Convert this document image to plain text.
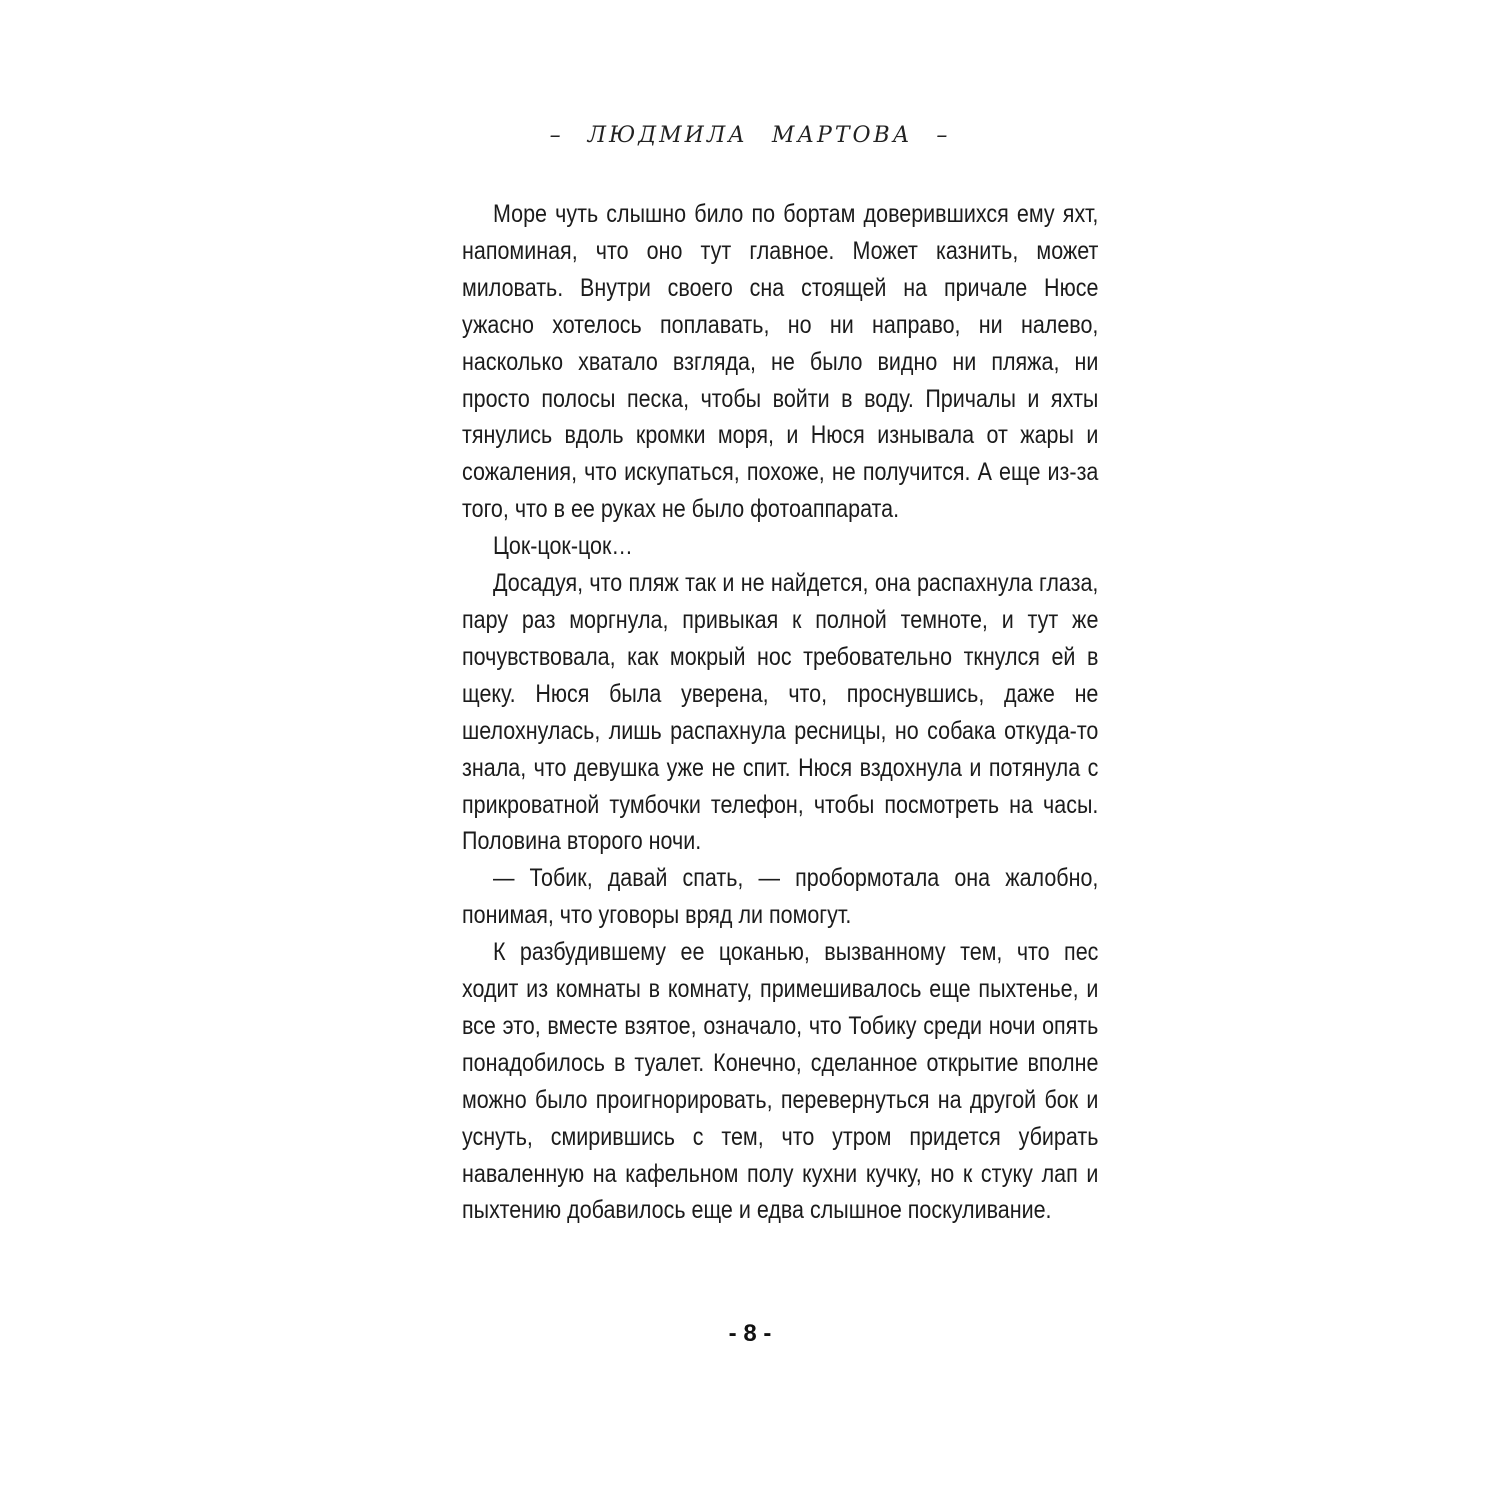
– ЛЮДМИЛА МАРТОВА –

Море чуть слышно било по бортам доверившихся ему яхт, напоминая, что оно тут главное. Может казнить, может миловать. Внутри своего сна стоящей на причале Нюсе ужасно хотелось поплавать, но ни направо, ни налево, насколько хватало взгляда, не было видно ни пляжа, ни просто полосы песка, чтобы войти в воду. Причалы и яхты тянулись вдоль кромки моря, и Нюся изнывала от жары и сожаления, что искупаться, похоже, не получится. А еще из-за того, что в ее руках не было фотоаппарата.

Цок-цок-цок…

Досадуя, что пляж так и не найдется, она распахнула глаза, пару раз моргнула, привыкая к полной темноте, и тут же почувствовала, как мокрый нос требовательно ткнулся ей в щеку. Нюся была уверена, что, проснувшись, даже не шелохнулась, лишь распахнула ресницы, но собака откуда-то знала, что девушка уже не спит. Нюся вздохнула и потянула с прикроватной тумбочки телефон, чтобы посмотреть на часы. Половина второго ночи.

— Тобик, давай спать, — пробормотала она жалобно, понимая, что уговоры вряд ли помогут.

К разбудившему ее цоканью, вызванному тем, что пес ходит из комнаты в комнату, примешивалось еще пыхтенье, и все это, вместе взятое, означало, что Тобику среди ночи опять понадобилось в туалет. Конечно, сделанное открытие вполне можно было проигнорировать, перевернуться на другой бок и уснуть, смирившись с тем, что утром придется убирать наваленную на кафельном полу кухни кучку, но к стуку лап и пыхтению добавилось еще и едва слышное поскуливание.

- 8 -
